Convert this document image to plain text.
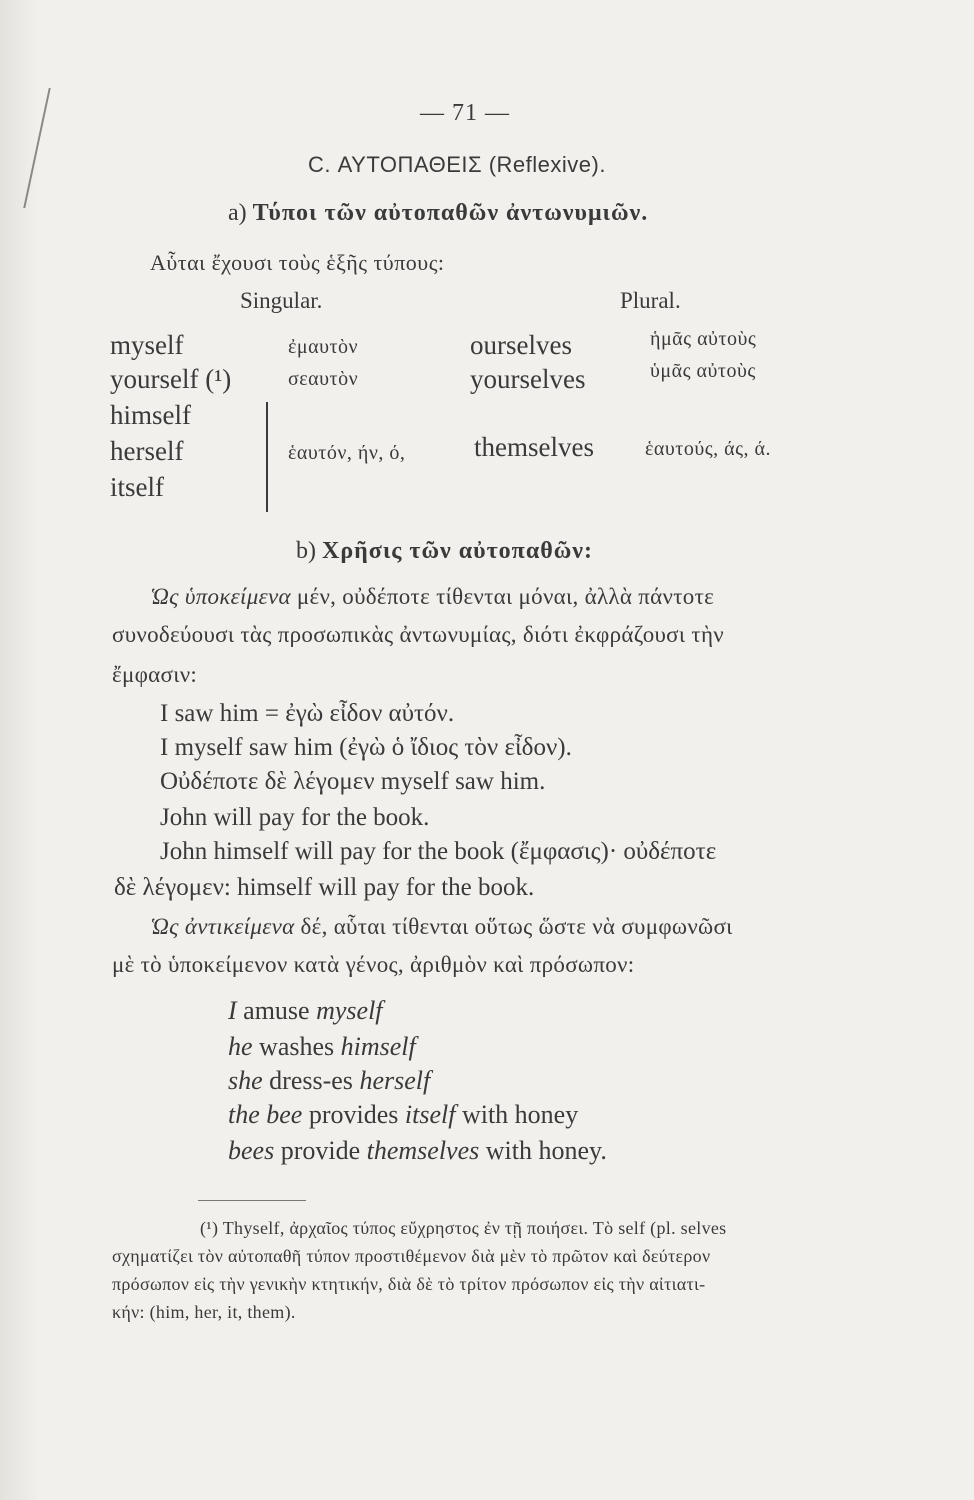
— 71 —
C. ΑΥΤΟΠΑΘΕΙΣ (Reflexive).
a) Τύποι τῶν αὐτοπαθῶν ἀντωνυμιῶν.
Αὗται ἔχουσι τοὺς ἑξῆς τύπους:
Singular.	Plural.
myself	ἐμαυτὸν	ourselves	ἡμᾶς αὐτοὺς
yourself (¹)	σεαυτὸν	yourselves	ὑμᾶς αὐτοὺς
himself
herself	ἑαυτόν, ήν, ό,	themselves	ἑαυτούς, άς, ά.
itself
b) Χρῆσις τῶν αὐτοπαθῶν:
Ὡς ὑποκείμενα μέν, οὐδέποτε τίθενται μόναι, ἀλλὰ πάντοτε
συνοδεύουσι τὰς προσωπικὰς ἀντωνυμίας, διότι ἐκφράζουσι τὴν
ἔμφασιν:
I saw him = ἐγὼ εἶδον αὐτόν.
I myself saw him (ἐγὼ ὁ ἴδιος τὸν εἶδον).
Οὐδέποτε δὲ λέγομεν myself saw him.
John will pay for the book.
John himself will pay for the book (ἔμφασις)· οὐδέποτε
δὲ λέγομεν: himself will pay for the book.
Ὡς ἀντικείμενα δέ, αὗται τίθενται οὕτως ὥστε νὰ συμφωνῶσι
μὲ τὸ ὑποκείμενον κατὰ γένος, ἀριθμὸν καὶ πρόσωπον:
I amuse myself
he washes himself
she dress-es herself
the bee provides itself with honey
bees provide themselves with honey.
(¹) Thyself, ἀρχαῖος τύπος εὔχρηστος ἐν τῇ ποιήσει. Τὸ self (pl. selves
σχηματίζει τὸν αὐτοπαθῆ τύπον προστιθέμενον διὰ μὲν τὸ πρῶτον καὶ δεύτερον
πρόσωπον εἰς τὴν γενικὴν κτητικήν, διὰ δὲ τὸ τρίτον πρόσωπον εἰς τὴν αἰτιατι-
κήν: (him, her, it, them).
